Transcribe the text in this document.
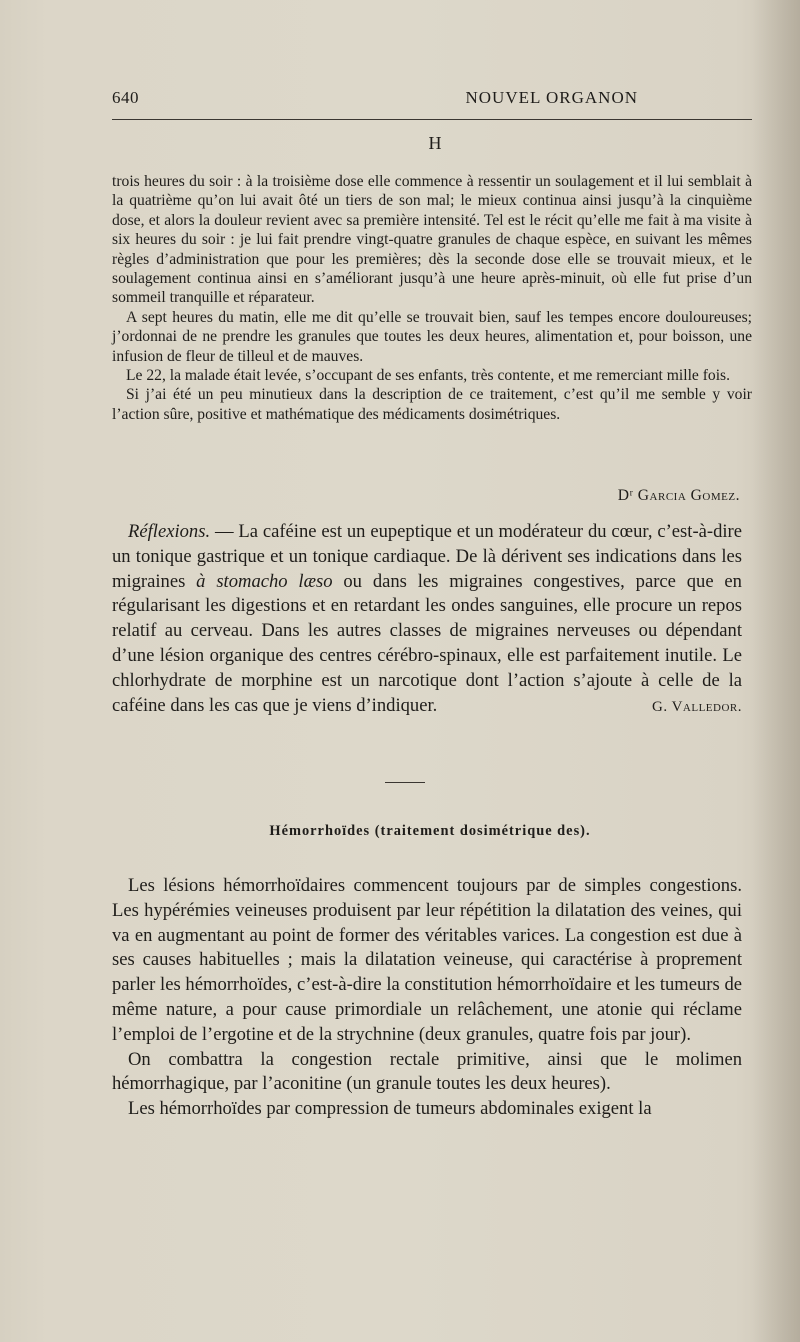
640	NOUVEL ORGANON
H

trois heures du soir : à la troisième dose elle commence à ressentir un soulagement et il lui semblait à la quatrième qu’on lui avait ôté un tiers de son mal; le mieux continua ainsi jusqu’à la cinquième dose, et alors la douleur revient avec sa première intensité. Tel est le récit qu’elle me fait à ma visite à six heures du soir : je lui fait prendre vingt-quatre granules de chaque espèce, en suivant les mêmes règles d’administration que pour les premières; dès la seconde dose elle se trouvait mieux, et le soulagement continua ainsi en s’améliorant jusqu’à une heure après-minuit, où elle fut prise d’un sommeil tranquille et réparateur.

A sept heures du matin, elle me dit qu’elle se trouvait bien, sauf les tempes encore douloureuses; j’ordonnai de ne prendre les granules que toutes les deux heures, alimentation et, pour boisson, une infusion de fleur de tilleul et de mauves.

Le 22, la malade était levée, s’occupant de ses enfants, très contente, et me remerciant mille fois.

Si j’ai été un peu minutieux dans la description de ce traitement, c’est qu’il me semble y voir l’action sûre, positive et mathématique des médicaments dosimétriques.

Dʳ Garcia Gomez.

Réflexions. — La caféine est un eupeptique et un modérateur du cœur, c’est-à-dire un tonique gastrique et un tonique cardiaque. De là dérivent ses indications dans les migraines à stomacho læso ou dans les migraines congestives, parce que en régularisant les digestions et en retardant les ondes sanguines, elle procure un repos relatif au cerveau. Dans les autres classes de migraines nerveuses ou dépendant d’une lésion organique des centres cérébro-spinaux, elle est parfaitement inutile. Le chlorhydrate de morphine est un narcotique dont l’action s’ajoute à celle de la caféine dans les cas que je viens d’indiquer.	G. Valledor.

Hémorrhoïdes (traitement dosimétrique des).

Les lésions hémorrhoïdaires commencent toujours par de simples congestions. Les hypérémies veineuses produisent par leur répétition la dilatation des veines, qui va en augmentant au point de former des véritables varices. La congestion est due à ses causes habituelles ; mais la dilatation veineuse, qui caractérise à proprement parler les hémorrhoïdes, c’est-à-dire la constitution hémorrhoïdaire et les tumeurs de même nature, a pour cause primordiale un relâchement, une atonie qui réclame l’emploi de l’ergotine et de la strychnine (deux granules, quatre fois par jour).

On combattra la congestion rectale primitive, ainsi que le molimen hémorrhagique, par l’aconitine (un granule toutes les deux heures).

Les hémorrhoïdes par compression de tumeurs abdominales exigent la
